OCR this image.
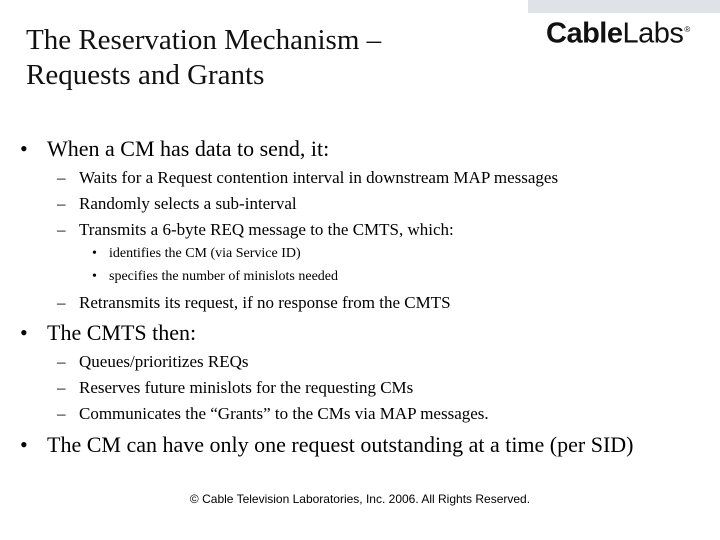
CableLabs®
The Reservation Mechanism –
Requests and Grants
• When a CM has data to send, it:
– Waits for a Request contention interval in downstream MAP messages
– Randomly selects a sub-interval
– Transmits a 6-byte REQ message to the CMTS, which:
• identifies the CM (via Service ID)
• specifies the number of minislots needed
– Retransmits its request, if no response from the CMTS
• The CMTS then:
– Queues/prioritizes REQs
– Reserves future minislots for the requesting CMs
– Communicates the “Grants” to the CMs via MAP messages.
• The CM can have only one request outstanding at a time (per SID)
© Cable Television Laboratories, Inc. 2006. All Rights Reserved.
